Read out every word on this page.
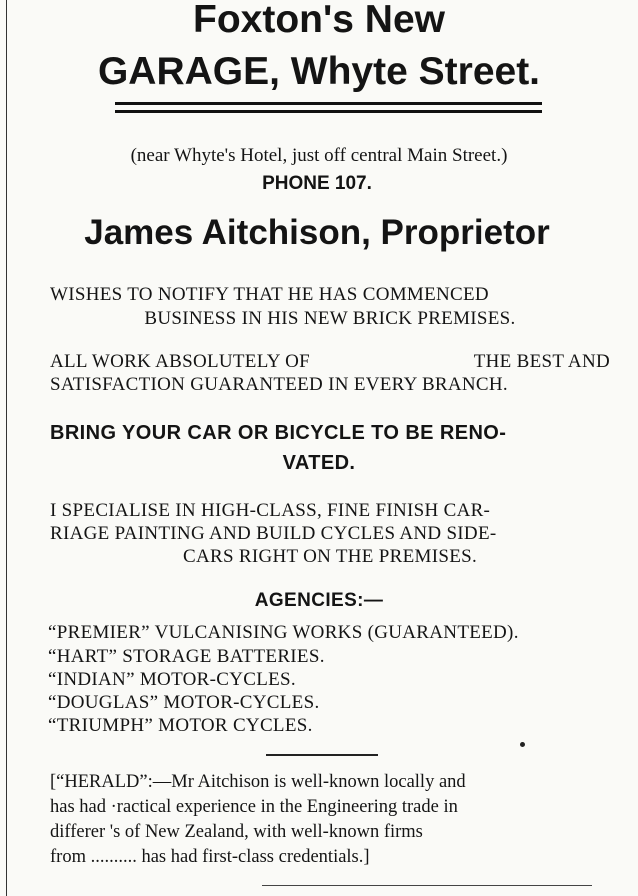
Foxton's New
GARAGE, Whyte Street.
(near Whyte's Hotel, just off central Main Street.)
PHONE 107.
James Aitchison, Proprietor
WISHES TO NOTIFY THAT HE HAS COMMENCED
BUSINESS IN HIS NEW BRICK PREMISES.
ALL WORK ABSOLUTELY OF	THE BEST AND
SATISFACTION GUARANTEED IN EVERY BRANCH.
BRING YOUR CAR OR BICYCLE TO BE RENO-
VATED.
I SPECIALISE IN HIGH-CLASS, FINE FINISH CAR-
RIAGE PAINTING AND BUILD CYCLES AND SIDE-
CARS RIGHT ON THE PREMISES.
AGENCIES:—
“PREMIER” VULCANISING WORKS (GUARANTEED).
“HART” STORAGE BATTERIES.
“INDIAN” MOTOR-CYCLES.
“DOUGLAS” MOTOR-CYCLES.
“TRIUMPH” MOTOR CYCLES.
[“HERALD”:—Mr Aitchison is well-known locally and
has had ·ractical experience in the Engineering trade in
differer 's of New Zealand, with well-known firms
from .......... has had first-class credentials.]
